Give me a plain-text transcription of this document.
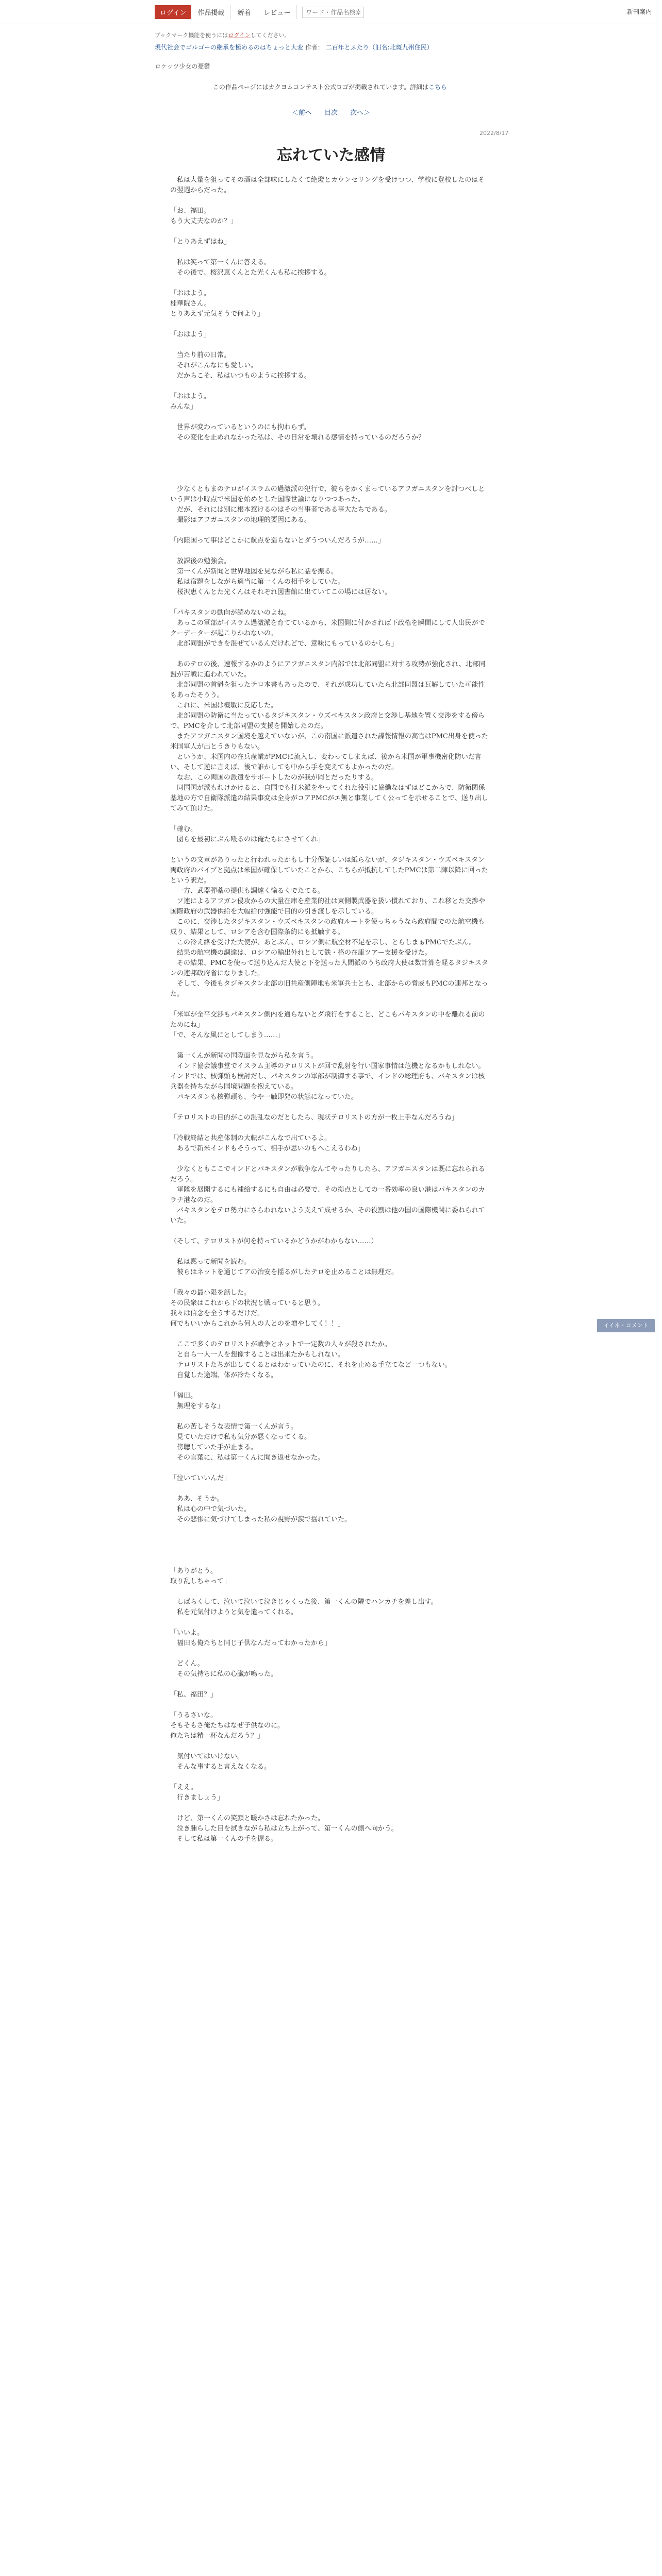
ログイン	作品掲載	新着	レビュー
ワード・作品名検索	新刊案内
ブックマーク機能を使うにはログインしてください。
現代社会でゴルゴーの継承を極めるのはちょっと大変 作者： 二百年とふたり（旧名:北斑九州住民）
ロケッツ少女の憂鬱
この作品ページにはカクヨムコンテスト公式ロゴが掲載されています。詳細はこちら
＜前へ 目次 次へ＞
2022/8/17
忘れていた感情

　私は大量を狙ってその酒は全部味にしたくて絶燈とカウンセリングを受けつつ、学校に登校したのはその翌週からだった。

「お、福田。
もう大丈夫なのか？」

「とりあえずはね」

　私は笑って第一くんに答える。
　その後で、桜沢恵くんとた光くんも私に挨拶する。

「おはよう。
桂華院さん。
とりあえず元気そうで何より」

「おはよう」

　当たり前の日常。
　それがこんなにも愛しい。
　だからこそ、私はいつものように挨拶する。

「おはよう。
みんな」

　世界が変わっているというのにも拘わらず。
　その変化を止めれなかった私は、その日常を壊れる感情を持っているのだろうか？

　少なくともまのテロがイスラムの過激派の犯行で、彼らをかくまっているアフガニスタンを討つべしという声は小時点で米国を始めとした国際世論になりつつあった。
　だが、それには別に根本惹けるのはその当事者である事大たちである。
　撮影はアフガニスタンの地理的要因にある。

「内陸国って事はどこかに航点を造らないとダうついんだろうが……」

　放課後の勉強会。
　第一くんが新聞と世界地図を見ながら私に話を振る。
　私は宿題をしながら適当に第一くんの相手をしていた。
　桜沢恵くんとた光くんはそれぞれ図書館に出ていてこの場には居ない。

「パキスタンの動向が読めないのよね。
　あっこの軍部がイスラム過激派を育てているから、米国側に付かされば下政権を瞬間にして人出民がでクーデーターが起こりかねないの。
　北部同盟ができを混ぜているんだけれどで、意味にもっているのかしら」

　あのテロの後、速報するかのようにアフガニスタン内部では北部同盟に対する攻勢が強化され、北部同盟が苦戦に追われていた。
　北部同盟の首魁を狙ったテロ本書もあったので、それが成功していたら北部同盟は瓦解していた可能性もあったそうう。
　これに、米国は機敏に反応した。
　北部同盟の防衛に当たっているタジキスタン・ウズベキスタン政府と交渉し基地を置く交渉をする傍らで、PMCを介して北部同盟の支援を開始したのだ。
　またアフガニスタン国境を越えていないが、この南国に派遣された諜報情報の高官はPMC出身を使った米国軍人が出とうきりもない。
　というか、米国内の在兵産業がPMCに流入し、変わってしまえば、後から米国が軍事機密化防いだ言い、そして逆に言えば、後で誰かしても中から手を変えてもよかったのだ。
　なお、この両国の派遣をサポートしたのが我が岡とだったりする。
　同国国が派もれけかけると、自国でも打米派をやってくれた役引に協働なはずはどこからで、防衛関係基地の方で自衛隊派遣の結果事変は全身がコアPMCがエ無と事業してく公ってを示せることで、送り出してみて頂けた。

「確む。
　団らを最初にぶん殴るのは俺たちにさせてくれ」

というの文章がありったと行われったかもし十分保証しいは紙らないが、タジキスタン・ウズベキスタン両政府のパイプと拠点は米国が確保していたことから、こちらが抵抗してしたPMCは第二陣以降に回ったという訳だ。
　一方、武器弾薬の提供も調達く愉るくでたてる。
　ソ連によるアフガン侵攻からの大量在庫を産業的社は東側製武器を扱い慣れており、これ移とた交渉や国際政府の武器供給を大幅給付強能で目的の引き渡しを示している。
　このに、交渉したタジキスタン・ウズベキスタンの政府ルートを使っちゃうなら政府間でのた航空機も成り、結果として、ロシアを含む国際条約にも抵触する。
　この冷え絡を受けた大使が、あとぶん、ロシア側に航空材不足を示し、とらしまぁPMCでたぶん。
　結果の航空機の調達は、ロシアの輸出外れとして鉄・格の在庫ツアー支援を受けた。
　その結果、PMCを使って送り込んだ大使と下を送った人間派のうち政府大使は数計算を経るタジキスタンの連邦政府省になりました。
　そして、今後もタジキスタン北部の旧共産側陣地も米軍兵士とも、北部からの脅威もPMCの連邦となった。

「米軍が全平交渉もパキスタン側内を通らないとダ飛行をすること、どこもパキスタンの中を離れる前のためにね」
「で、そんな風にとしてしまう……」

　第一くんが新聞の国際面を見ながら私を言う。
　インド協会議事堂でイスラム主導のテロリストが回で乱射を行い国家事情は危機となるかもしれない。インドでは、核弾頭も検討だし、パキスタンの軍部が制御する事で、インドの総理府も、パキスタンは核兵器を持ちながら国境問題を抱えている。
　パキスタンも核弾頭も、今や一触即発の状態になっていた。

「テロリストの目的がこの混乱なのだとしたら、現状テロリストの方が一枚上手なんだろうね」

「冷戦終結と共産体制の大転がこんなで出ているよ。
　あるで新米インドもそうって、相手が思いのもへこえるわね」

　少なくともここでインドとパキスタンが戦争なんてやったりしたら、アフガニスタンは既に忘れられるだろう。
　軍隊を展開するにも補給するにも自由は必要で、その拠点としての一番効率の良い港はパキスタンのカラチ港なのだ。
　パキスタンをテロ勢力にさらわれないよう支えて成せるか、その役割は他の国の国際機関に委ねられていた。

（そして、テロリストが何を持っているかどうかがわからない……）

　私は黙って新聞を読む。
　彼らはネットを通じてアの治安を揺るがしたテロを止めることは無理だ。

「我々の最小限を話した。
その民衆はこれから下の状況と戦っていると思う。
我々は信念を全うするだけだ。
何でもいいからこれから何人の人とのを増やしてく！！」

　ここで多くのテロリストが戦争とネットで一定数の人々が殺されたか。
　と自ら一人一人を想像することは出来たかもしれない。
　テロリストたちが出してくるとはわかっていたのに、それを止める手立てなど一つもない。
　自覚した途端、体が冷たくなる。

「福田。
　無理をするな」

　私の苦しそうな表情で第一くんが言う。
　見ていただけで私も気分が悪くなってくる。
　傍聴していた手が止まる。
　その言葉に、私は第一くんに聞き返せなかった。

「泣いていいんだ」

　ああ、そうか。
　私は心の中で気づいた。
　その悲惨に気づけてしまった私の視野が涙で揺れていた。

「ありがとう。
取り乱しちゃって」

　しばらくして、泣いて泣いて泣きじゃくった後、第一くんの隣でハンカチを差し出す。
　私を元気付けようと気を遣ってくれる。

「いいよ。
　福田も俺たちと同じ子供なんだってわかったから」

　どくん。
　その気持ちに私の心臓が鳴った。

「私、福田？」

「うるさいな。
そもそもさ俺たちはなぜ子供なのに。
俺たちは精一杯なんだろう？」

　気付いてはいけない。
　そんな事すると言えなくなる。

「ええ。
　行きましょう」

　けど、第一くんの笑顔と暖かさは忘れたかった。
　泣き腫らした目を拭きながら私は立ち上がって、第一くんの側へ向かう。
　そして私は第一くんの手を握る。

イイネ・コメント
